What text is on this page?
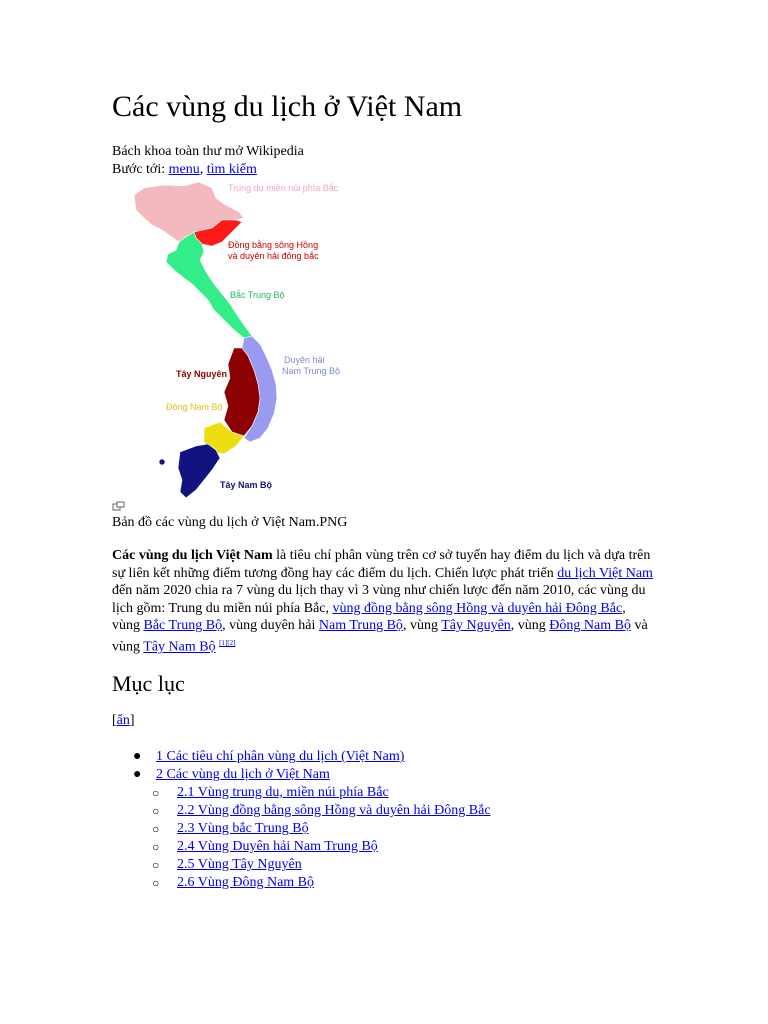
Các vùng du lịch ở Việt Nam
Bách khoa toàn thư mở Wikipedia
Bước tới: menu, tìm kiếm
Trung du miền núi phía Bắc
Đồng bằng sông Hồng
và duyên hải đông bắc
Bắc Trung Bộ
Duyên hải
Nam Trung Bộ
Tây Nguyên
Đông Nam Bộ
Tây Nam Bộ
Bản đồ các vùng du lịch ở Việt Nam.PNG
Các vùng du lịch Việt Nam là tiêu chí phân vùng trên cơ sở tuyến hay điểm du lịch và dựa trên sự liên kết những điểm tương đồng hay các điểm du lịch. Chiến lược phát triển du lịch Việt Nam đến năm 2020 chia ra 7 vùng du lịch thay vì 3 vùng như chiến lược đến năm 2010, các vùng du lịch gồm: Trung du miền núi phía Bắc, vùng đồng bằng sông Hồng và duyên hải Đông Bắc, vùng Bắc Trung Bộ, vùng duyên hải Nam Trung Bộ, vùng Tây Nguyên, vùng Đông Nam Bộ và vùng Tây Nam Bộ [1][2]
Mục lục
[ẩn]
● 1 Các tiêu chí phân vùng du lịch (Việt Nam)
● 2 Các vùng du lịch ở Việt Nam
○ 2.1 Vùng trung du, miền núi phía Bắc
○ 2.2 Vùng đồng bằng sông Hồng và duyên hải Đông Bắc
○ 2.3 Vùng bắc Trung Bộ
○ 2.4 Vùng Duyên hải Nam Trung Bộ
○ 2.5 Vùng Tây Nguyên
○ 2.6 Vùng Đông Nam Bộ
